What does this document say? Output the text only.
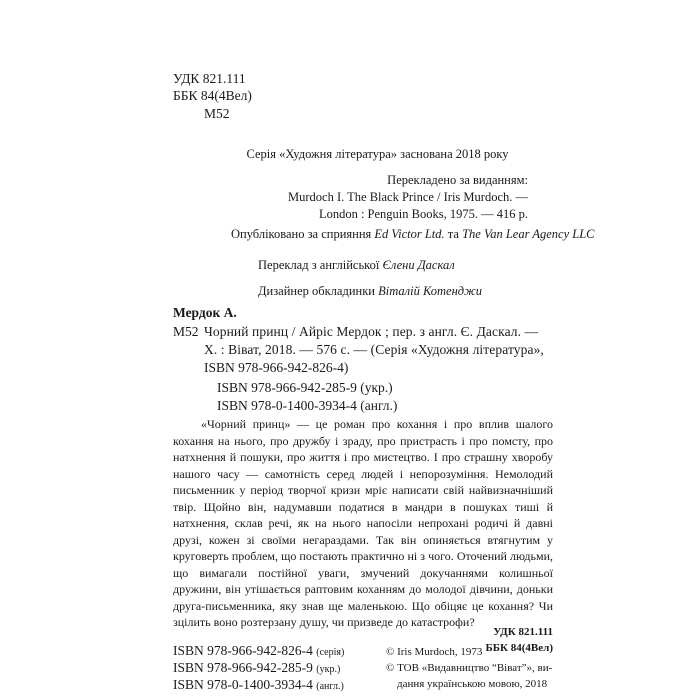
УДК 821.111
ББК 84(4Вел)
М52
Серія «Художня література» заснована 2018 року
Перекладено за виданням:
Murdoch I. The Black Prince / Iris Murdoch. —
London : Penguin Books, 1975. — 416 p.
Опубліковано за сприяння Ed Victor Ltd. та The Van Lear Agency LLC
Переклад з англійської Єлени Даскал
Дизайнер обкладинки Віталій Котенджи
Мердок А.
М52 Чорний принц / Айріс Мердок ; пер. з англ. Є. Даскал. —
Х. : Віват, 2018. — 576 с. — (Серія «Художня література»,
ISBN 978-966-942-826-4)
ISBN 978-966-942-285-9 (укр.)
ISBN 978-0-1400-3934-4 (англ.)

«Чорний принц» — це роман про кохання і про вплив шалого кохання на нього, про дружбу і зраду, про пристрасть і про помсту, про натхнення й пошуки, про життя і про мистецтво. І про страшну хворобу нашого часу — самотність серед людей і непорозуміння. Немолодий письменник у період творчої кризи мріє написати свій найвизначніший твір. Щойно він, надумавши податися в мандри в пошуках тиші й натхнення, склав речі, як на нього напосіли непрохані родичі й давні друзі, кожен зі своїми негараздами. Так він опиняється втягнутим у круговерть проблем, що постають практично ні з чого. Оточений людьми, що вимагали постійної уваги, змучений докучаннями колишньої дружини, він утішається раптовим коханням до молодої дівчини, доньки друга-письменника, яку знав ще маленькою. Що обіцяє це кохання? Чи зцілить воно розтерзану душу, чи призведе до катастрофи?

УДК 821.111
ББК 84(4Вел)
ISBN 978-966-942-826-4 (серія)
ISBN 978-966-942-285-9 (укр.)
ISBN 978-0-1400-3934-4 (англ.)
© Iris Murdoch, 1973
© ТОВ «Видавництво “Віват”», ви-
дання українською мовою, 2018
